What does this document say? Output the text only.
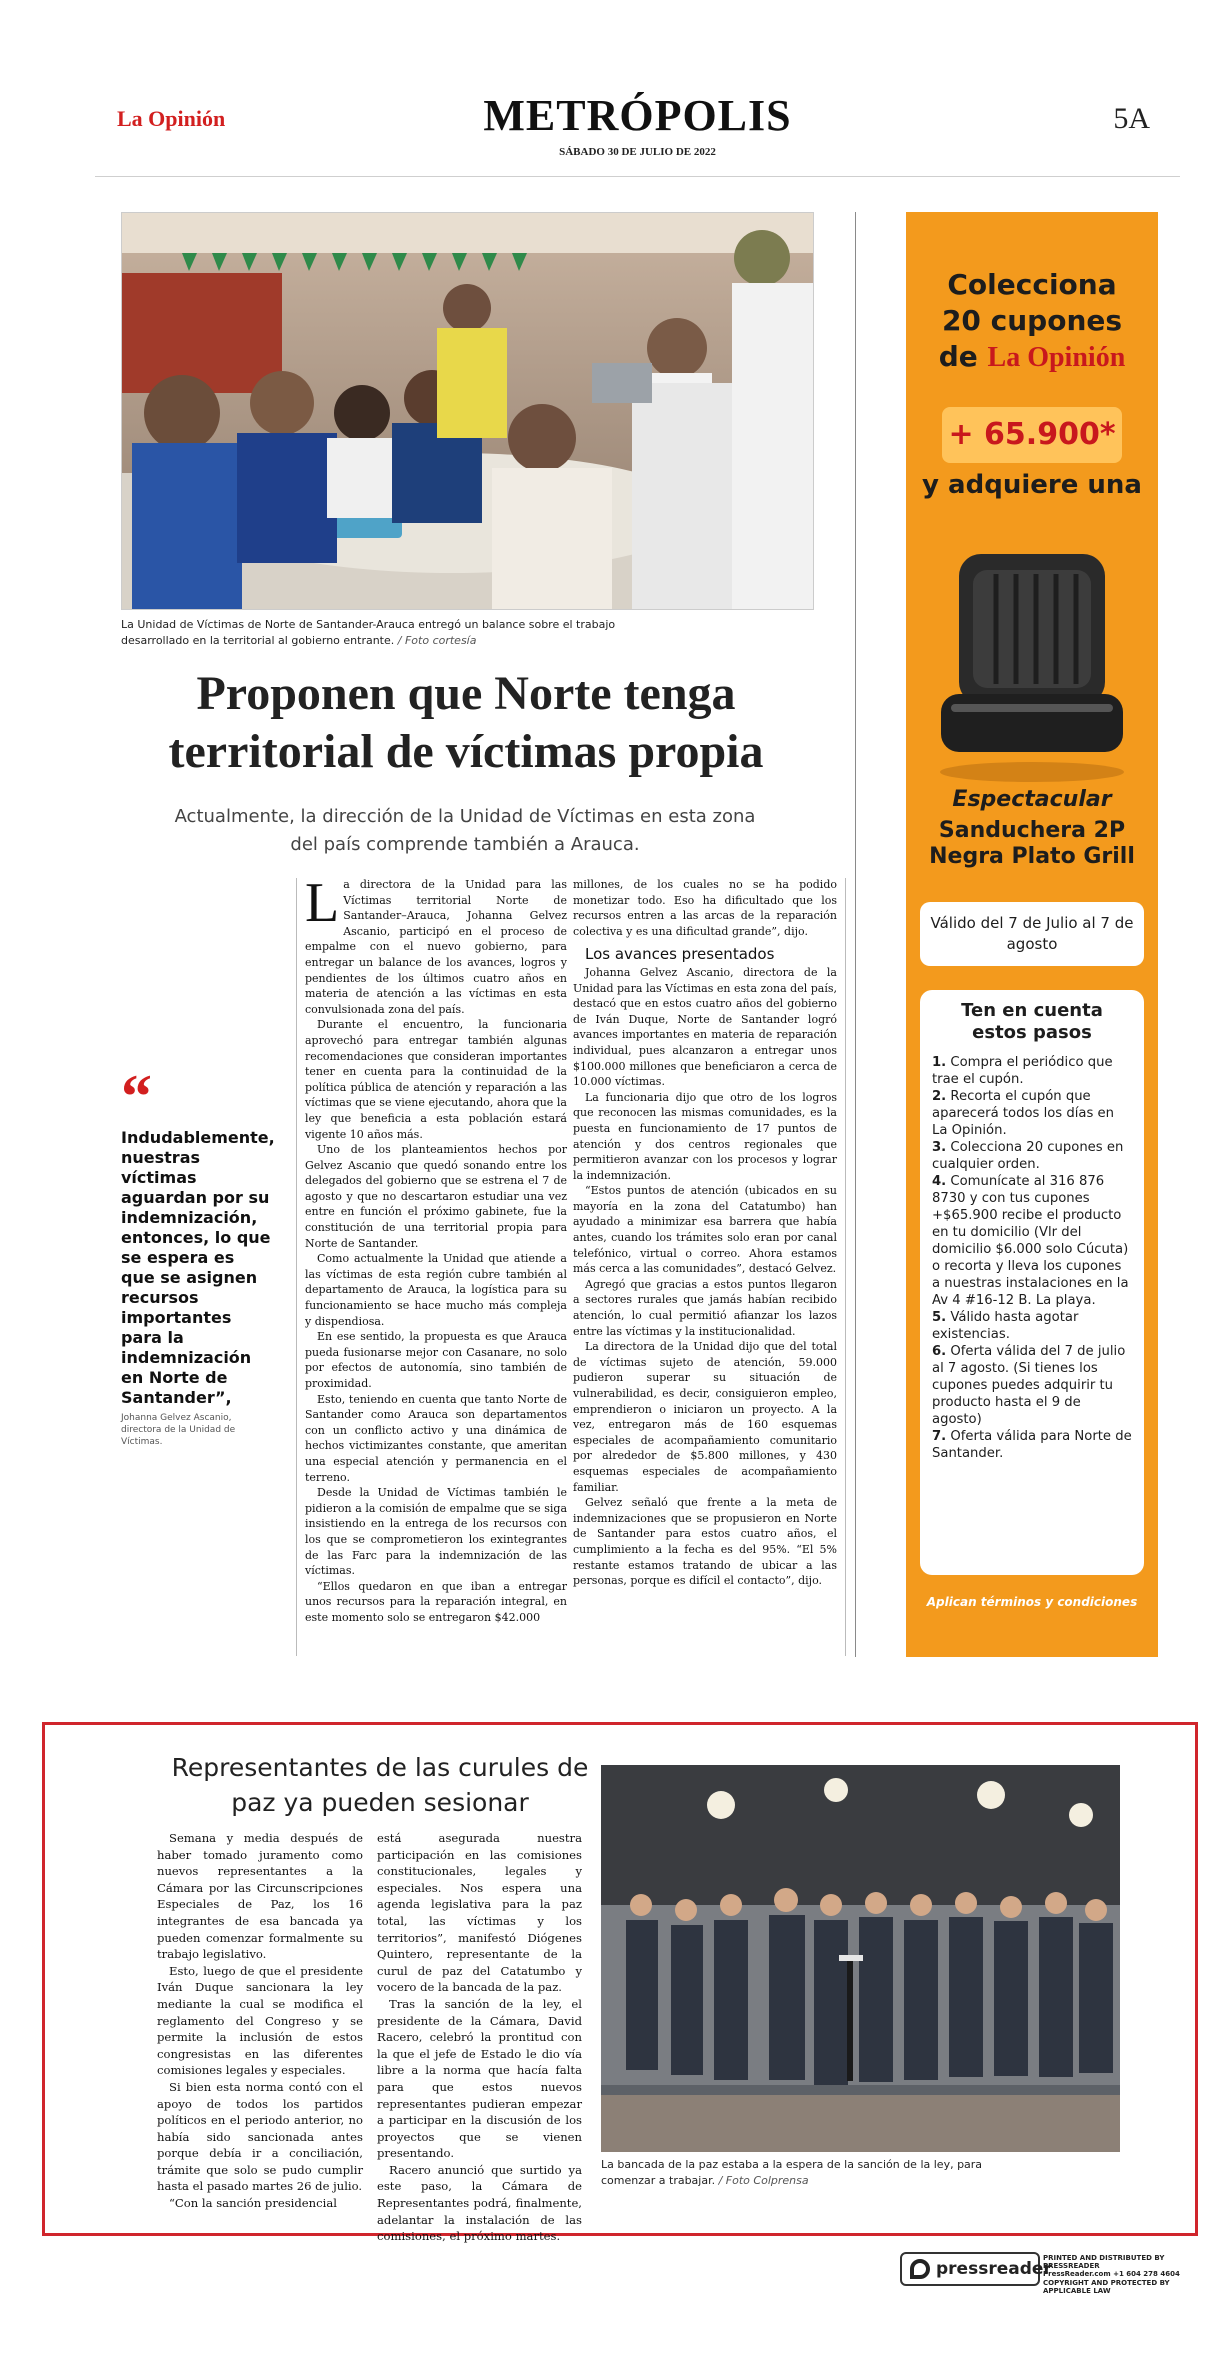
La Opinión	METRÓPOLIS
SÁBADO 30 DE JULIO DE 2022
5A
La Unidad de Víctimas de Norte de Santander-Arauca entregó un balance sobre el trabajo desarrollado en la territorial al gobierno entrante. / Foto cortesía
Proponen que Norte tenga territorial de víctimas propia
Actualmente, la dirección de la Unidad de Víctimas en esta zona del país comprende también a Arauca.
“
Indudablemente, nuestras víctimas aguardan por su indemnización, entonces, lo que se espera es que se asignen recursos importantes para la indemnización en Norte de Santander”,
Johanna Gelvez Ascanio, directora de la Unidad de Víctimas.

La directora de la Unidad para las Víctimas territorial Norte de Santander–Arauca, Johanna Gelvez Ascanio, participó en el proceso de empalme con el nuevo gobierno, para entregar un balance de los avances, logros y pendientes de los últimos cuatro años en materia de atención a las víctimas en esta convulsionada zona del país.

Durante el encuentro, la funcionaria aprovechó para entregar también algunas recomendaciones que consideran importantes tener en cuenta para la continuidad de la política pública de atención y reparación a las víctimas que se viene ejecutando, ahora que la ley que beneficia a esta población estará vigente 10 años más.

Uno de los planteamientos hechos por Gelvez Ascanio que quedó sonando entre los delegados del gobierno que se estrena el 7 de agosto y que no descartaron estudiar una vez entre en función el próximo gabinete, fue la constitución de una territorial propia para Norte de Santander.

Como actualmente la Unidad que atiende a las víctimas de esta región cubre también al departamento de Arauca, la logística para su funcionamiento se hace mucho más compleja y dispendiosa.

En ese sentido, la propuesta es que Arauca pueda fusionarse mejor con Casanare, no solo por efectos de autonomía, sino también de proximidad.

Esto, teniendo en cuenta que tanto Norte de Santander como Arauca son departamentos con un conflicto activo y una dinámica de hechos victimizantes constante, que ameritan una especial atención y permanencia en el terreno.

Desde la Unidad de Víctimas también le pidieron a la comisión de empalme que se siga insistiendo en la entrega de los recursos con los que se comprometieron los exintegrantes de las Farc para la indemnización de las víctimas.

“Ellos quedaron en que iban a entregar unos recursos para la reparación integral, en este momento solo se entregaron $42.000

millones, de los cuales no se ha podido monetizar todo. Eso ha dificultado que los recursos entren a las arcas de la reparación colectiva y es una dificultad grande”, dijo.

Los avances presentados

Johanna Gelvez Ascanio, directora de la Unidad para las Víctimas en esta zona del país, destacó que en estos cuatro años del gobierno de Iván Duque, Norte de Santander logró avances importantes en materia de reparación individual, pues alcanzaron a entregar unos $100.000 millones que beneficiaron a cerca de 10.000 víctimas.

La funcionaria dijo que otro de los logros que reconocen las mismas comunidades, es la puesta en funcionamiento de 17 puntos de atención y dos centros regionales que permitieron avanzar con los procesos y lograr la indemnización.

“Estos puntos de atención (ubicados en su mayoría en la zona del Catatumbo) han ayudado a minimizar esa barrera que había antes, cuando los trámites solo eran por canal telefónico, virtual o correo. Ahora estamos más cerca a las comunidades”, destacó Gelvez.

Agregó que gracias a estos puntos llegaron a sectores rurales que jamás habían recibido atención, lo cual permitió afianzar los lazos entre las víctimas y la institucionalidad.

La directora de la Unidad dijo que del total de víctimas sujeto de atención, 59.000 pudieron superar su situación de vulnerabilidad, es decir, consiguieron empleo, emprendieron o iniciaron un proyecto. A la vez, entregaron más de 160 esquemas especiales de acompañamiento comunitario por alrededor de $5.800 millones, y 430 esquemas especiales de acompañamiento familiar.

Gelvez señaló que frente a la meta de indemnizaciones que se propusieron en Norte de Santander para estos cuatro años, el cumplimiento a la fecha es del 95%. “El 5% restante estamos tratando de ubicar a las personas, porque es difícil el contacto”, dijo.

Colecciona
20 cupones
de La Opinión
+ 65.900*
y adquiere una
Espectacular
Sanduchera 2P Negra Plato Grill
Válido del 7 de Julio al 7 de agosto
Ten en cuenta estos pasos
1. Compra el periódico que trae el cupón.
2. Recorta el cupón que aparecerá todos los días en La Opinión.
3. Colecciona 20 cupones en cualquier orden.
4. Comunícate al 316 876 8730 y con tus cupones +$65.900 recibe el producto en tu domicilio (Vlr del domicilio $6.000 solo Cúcuta) o recorta y lleva los cupones a nuestras instalaciones en la Av 4 #16-12 B. La playa.
5. Válido hasta agotar existencias.
6. Oferta válida del 7 de julio al 7 agosto. (Si tienes los cupones puedes adquirir tu producto hasta el 9 de agosto)
7. Oferta válida para Norte de Santander.
Aplican términos y condiciones
Representantes de las curules de paz ya pueden sesionar

Semana y media después de haber tomado juramento como nuevos representantes a la Cámara por las Circunscripciones Especiales de Paz, los 16 integrantes de esa bancada ya pueden comenzar formalmente su trabajo legislativo.

Esto, luego de que el presidente Iván Duque sancionara la ley mediante la cual se modifica el reglamento del Congreso y se permite la inclusión de estos congresistas en las diferentes comisiones legales y especiales.

Si bien esta norma contó con el apoyo de todos los partidos políticos en el periodo anterior, no había sido sancionada antes porque debía ir a conciliación, trámite que solo se pudo cumplir hasta el pasado martes 26 de julio.

“Con la sanción presidencial

está asegurada nuestra participación en las comisiones constitucionales, legales y especiales. Nos espera una agenda legislativa para la paz total, las víctimas y los territorios”, manifestó Diógenes Quintero, representante de la curul de paz del Catatumbo y vocero de la bancada de la paz.

Tras la sanción de la ley, el presidente de la Cámara, David Racero, celebró la prontitud con la que el jefe de Estado le dio vía libre a la norma que hacía falta para que estos nuevos representantes pudieran empezar a participar en la discusión de los proyectos que se vienen presentando.

Racero anunció que surtido ya este paso, la Cámara de Representantes podrá, finalmente, adelantar la instalación de las comisiones, el próximo martes.

La bancada de la paz estaba a la espera de la sanción de la ley, para comenzar a trabajar. / Foto Colprensa
pressreader
PRINTED AND DISTRIBUTED BY PRESSREADER
PressReader.com +1 604 278 4604
COPYRIGHT AND PROTECTED BY APPLICABLE LAW
